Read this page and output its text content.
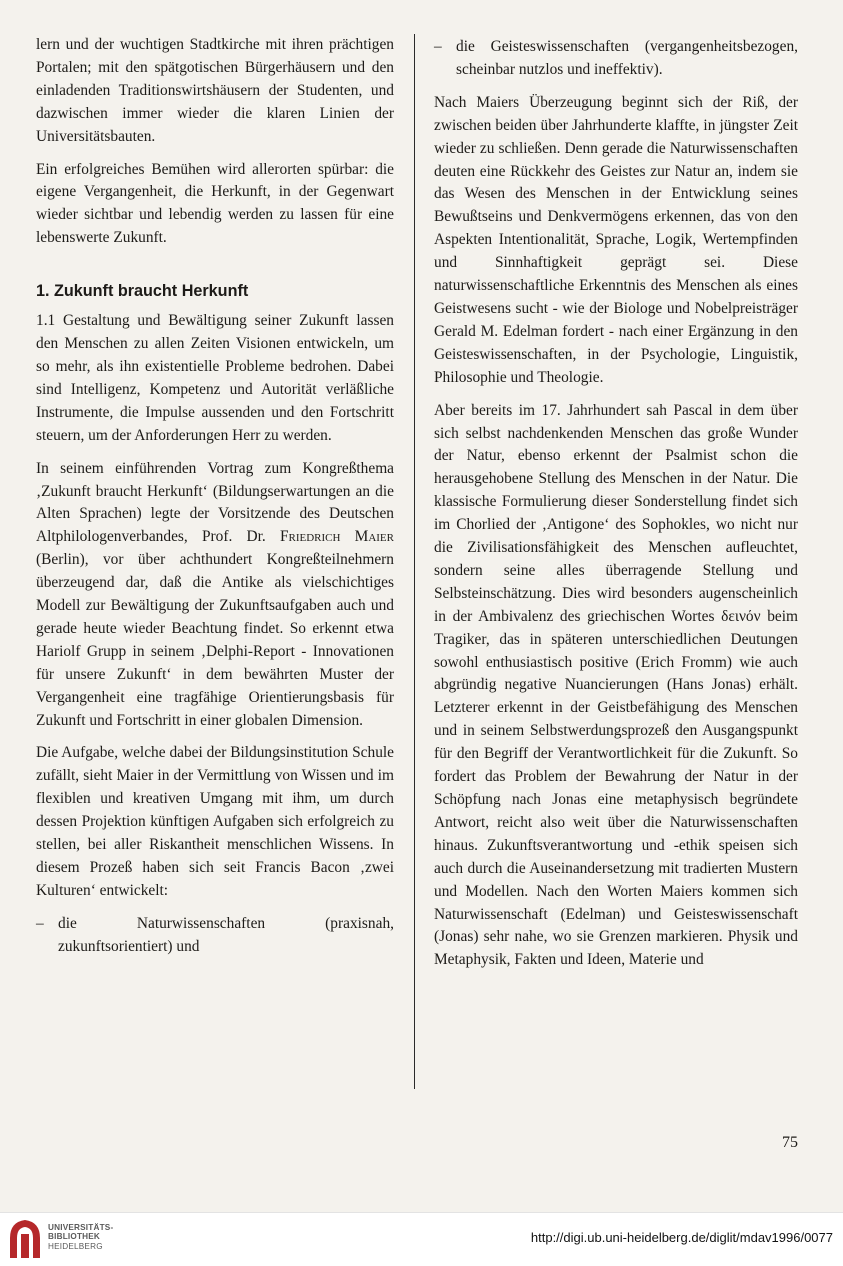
lern und der wuchtigen Stadtkirche mit ihren prächtigen Portalen; mit den spätgotischen Bürgerhäusern und den einladenden Traditionswirtshäusern der Studenten, und dazwischen immer wieder die klaren Linien der Universitätsbauten.

Ein erfolgreiches Bemühen wird allerorten spürbar: die eigene Vergangenheit, die Herkunft, in der Gegenwart wieder sichtbar und lebendig werden zu lassen für eine lebenswerte Zukunft.

1. Zukunft braucht Herkunft

1.1 Gestaltung und Bewältigung seiner Zukunft lassen den Menschen zu allen Zeiten Visionen entwickeln, um so mehr, als ihn existentielle Probleme bedrohen. Dabei sind Intelligenz, Kompetenz und Autorität verläßliche Instrumente, die Impulse aussenden und den Fortschritt steuern, um der Anforderungen Herr zu werden.

In seinem einführenden Vortrag zum Kongreßthema ‚Zukunft braucht Herkunft‘ (Bildungserwartungen an die Alten Sprachen) legte der Vorsitzende des Deutschen Altphilologenverbandes, Prof. Dr. Friedrich Maier (Berlin), vor über achthundert Kongreßteilnehmern überzeugend dar, daß die Antike als vielschichtiges Modell zur Bewältigung der Zukunftsaufgaben auch und gerade heute wieder Beachtung findet. So erkennt etwa Hariolf Grupp in seinem ‚Delphi-Report - Innovationen für unsere Zukunft‘ in dem bewährten Muster der Vergangenheit eine tragfähige Orientierungsbasis für Zukunft und Fortschritt in einer globalen Dimension.

Die Aufgabe, welche dabei der Bildungsinstitution Schule zufällt, sieht Maier in der Vermittlung von Wissen und im flexiblen und kreativen Umgang mit ihm, um durch dessen Projektion künftigen Aufgaben sich erfolgreich zu stellen, bei aller Riskantheit menschlichen Wissens. In diesem Prozeß haben sich seit Francis Bacon ‚zwei Kulturen‘ entwickelt:

– die Naturwissenschaften (praxisnah, zukunftsorientiert) und
– die Geisteswissenschaften (vergangenheitsbezogen, scheinbar nutzlos und ineffektiv).

Nach Maiers Überzeugung beginnt sich der Riß, der zwischen beiden über Jahrhunderte klaffte, in jüngster Zeit wieder zu schließen. Denn gerade die Naturwissenschaften deuten eine Rückkehr des Geistes zur Natur an, indem sie das Wesen des Menschen in der Entwicklung seines Bewußtseins und Denkvermögens erkennen, das von den Aspekten Intentionalität, Sprache, Logik, Wertempfinden und Sinnhaftigkeit geprägt sei. Diese naturwissenschaftliche Erkenntnis des Menschen als eines Geistwesens sucht - wie der Biologe und Nobelpreisträger Gerald M. Edelman fordert - nach einer Ergänzung in den Geisteswissenschaften, in der Psychologie, Linguistik, Philosophie und Theologie.

Aber bereits im 17. Jahrhundert sah Pascal in dem über sich selbst nachdenkenden Menschen das große Wunder der Natur, ebenso erkennt der Psalmist schon die herausgehobene Stellung des Menschen in der Natur. Die klassische Formulierung dieser Sonderstellung findet sich im Chorlied der ‚Antigone‘ des Sophokles, wo nicht nur die Zivilisationsfähigkeit des Menschen aufleuchtet, sondern seine alles überragende Stellung und Selbsteinschätzung. Dies wird besonders augenscheinlich in der Ambivalenz des griechischen Wortes δεινόν beim Tragiker, das in späteren unterschiedlichen Deutungen sowohl enthusiastisch positive (Erich Fromm) wie auch abgründig negative Nuancierungen (Hans Jonas) erhält. Letzterer erkennt in der Geistbefähigung des Menschen und in seinem Selbstwerdungsprozeß den Ausgangspunkt für den Begriff der Verantwortlichkeit für die Zukunft. So fordert das Problem der Bewahrung der Natur in der Schöpfung nach Jonas eine metaphysisch begründete Antwort, reicht also weit über die Naturwissenschaften hinaus. Zukunftsverantwortung und -ethik speisen sich auch durch die Auseinandersetzung mit tradierten Mustern und Modellen. Nach den Worten Maiers kommen sich Naturwissenschaft (Edelman) und Geisteswissenschaft (Jonas) sehr nahe, wo sie Grenzen markieren. Physik und Metaphysik, Fakten und Ideen, Materie und

75
UNIVERSITÄTS-
BIBLIOTHEK
HEIDELBERG
http://digi.ub.uni-heidelberg.de/diglit/mdav1996/0077
